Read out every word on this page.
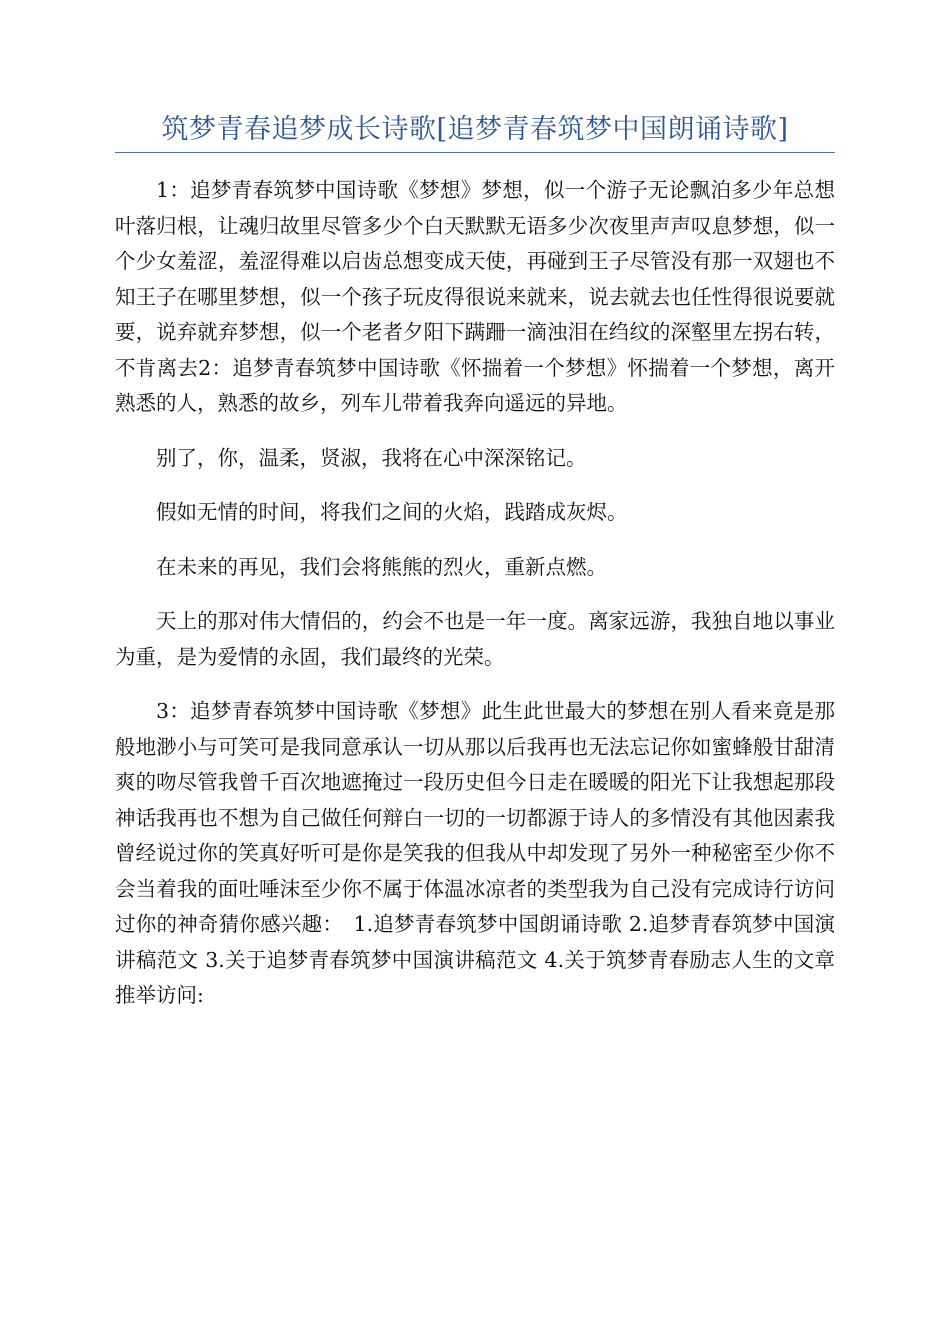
筑梦青春追梦成长诗歌[追梦青春筑梦中国朗诵诗歌]

1：追梦青春筑梦中国诗歌《梦想》梦想，似一个游子无论飘泊多少年总想叶落归根，让魂归故里尽管多少个白天默默无语多少次夜里声声叹息梦想，似一个少女羞涩，羞涩得难以启齿总想变成天使，再碰到王子尽管没有那一双翅也不知王子在哪里梦想，似一个孩子玩皮得很说来就来，说去就去也任性得很说要就要，说弃就弃梦想，似一个老者夕阳下蹒跚一滴浊泪在绉纹的深壑里左拐右转，不肯离去2：追梦青春筑梦中国诗歌《怀揣着一个梦想》怀揣着一个梦想，离开熟悉的人，熟悉的故乡，列车儿带着我奔向遥远的异地。

别了，你，温柔，贤淑，我将在心中深深铭记。

假如无情的时间，将我们之间的火焰，践踏成灰烬。

在未来的再见，我们会将熊熊的烈火，重新点燃。

天上的那对伟大情侣的，约会不也是一年一度。离家远游，我独自地以事业为重，是为爱情的永固，我们最终的光荣。

3：追梦青春筑梦中国诗歌《梦想》此生此世最大的梦想在别人看来竟是那般地渺小与可笑可是我同意承认一切从那以后我再也无法忘记你如蜜蜂般甘甜清爽的吻尽管我曾千百次地遮掩过一段历史但今日走在暖暖的阳光下让我想起那段神话我再也不想为自己做任何辩白一切的一切都源于诗人的多情没有其他因素我曾经说过你的笑真好听可是你是笑我的但我从中却发现了另外一种秘密至少你不会当着我的面吐唾沫至少你不属于体温冰凉者的类型我为自己没有完成诗行访问过你的神奇猜你感兴趣：　1.追梦青春筑梦中国朗诵诗歌 2.追梦青春筑梦中国演讲稿范文 3.关于追梦青春筑梦中国演讲稿范文 4.关于筑梦青春励志人生的文章推举访问:
